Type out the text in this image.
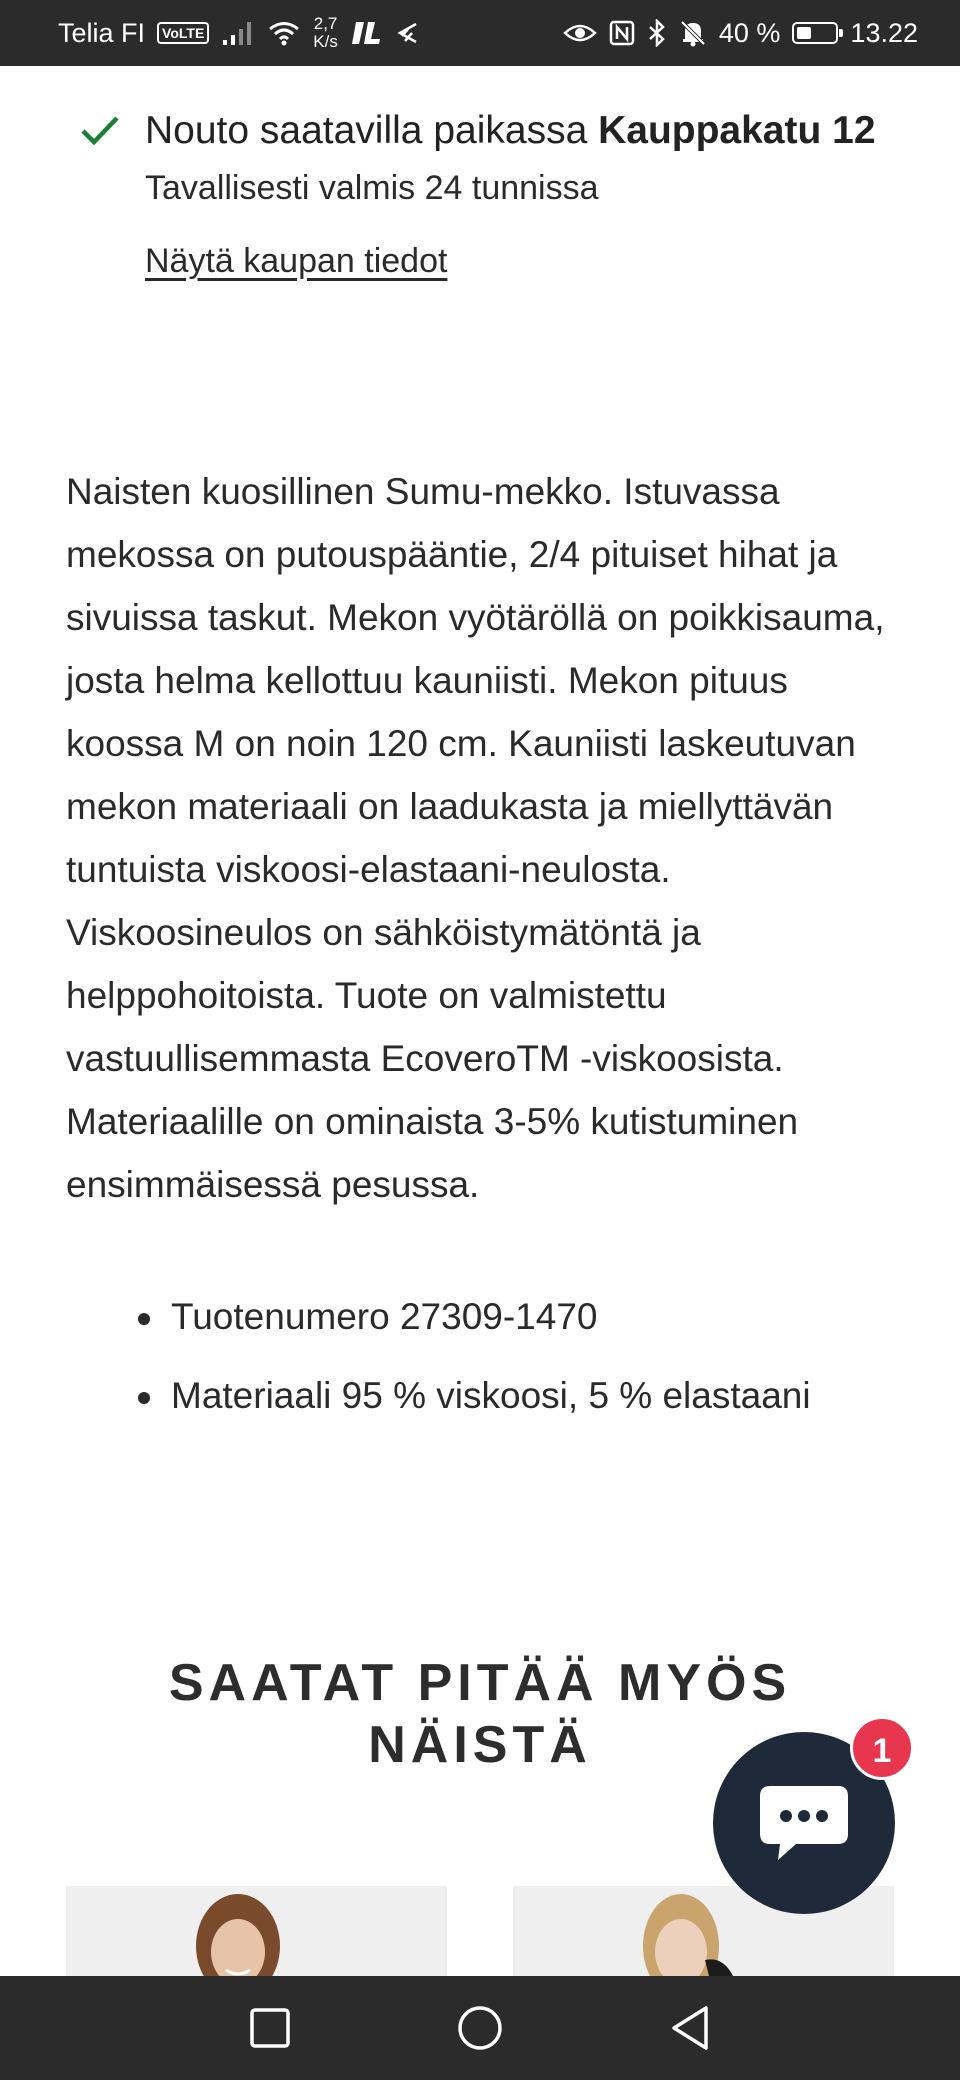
Telia FI	VoLTE	2,7
K/s	40 %	13.22
Nouto saatavilla paikassa Kauppakatu 12
Tavallisesti valmis 24 tunnissa
Näytä kaupan tiedot
Naisten kuosillinen Sumu-mekko. Istuvassa mekossa on putouspääntie, 2/4 pituiset hihat ja sivuissa taskut. Mekon vyötäröllä on poikkisauma, josta helma kellottuu kauniisti. Mekon pituus koossa M on noin 120 cm. Kauniisti laskeutuvan mekon materiaali on laadukasta ja miellyttävän tuntuista viskoosi-elastaani-neulosta. Viskoosineulos on sähköistymätöntä ja helppohoitoista. Tuote on valmistettu vastuullisemmasta EcoveroTM -viskoosista. Materiaalille on ominaista 3-5% kutistuminen ensimmäisessä pesussa.
Tuotenumero 27309-1470
Materiaali 95 % viskoosi, 5 % elastaani
SAATAT PITÄÄ MYÖS NÄISTÄ	1
